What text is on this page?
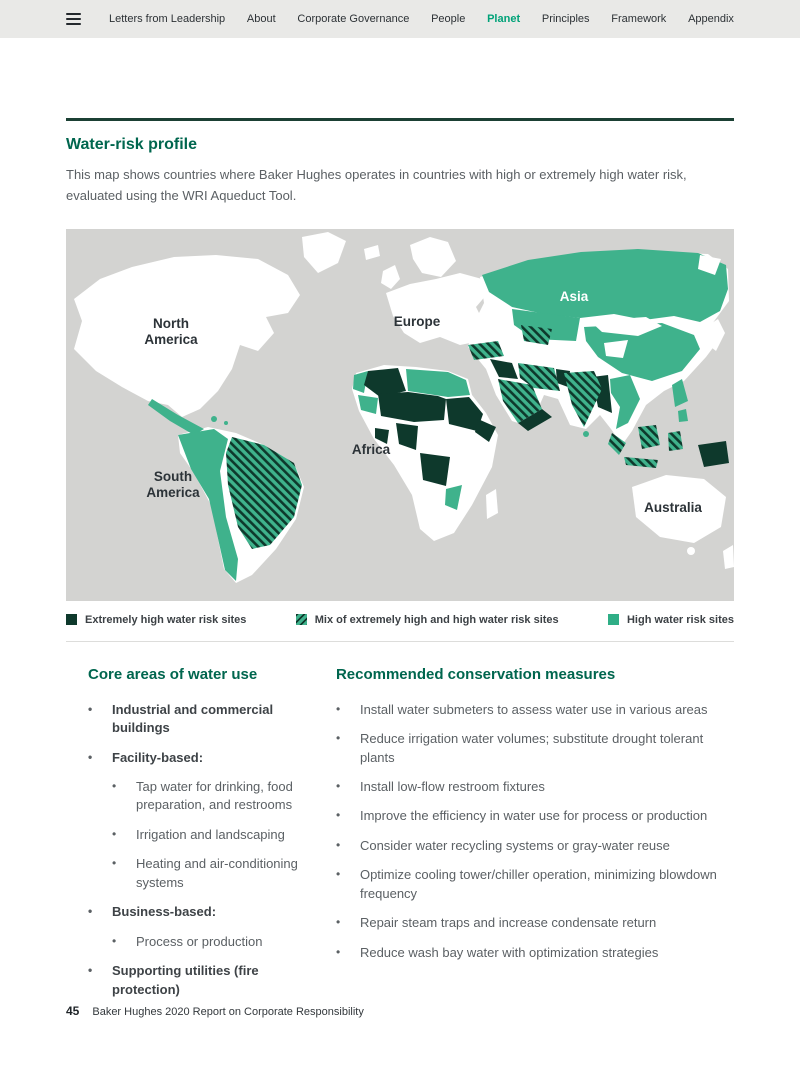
Letters from Leadership About Corporate Governance People Planet Principles Framework Appendix
Water-risk profile

This map shows countries where Baker Hughes operates in countries with high or extremely high water risk, evaluated using the WRI Aqueduct Tool.

North America
Europe
Asia
Africa
South America
Australia
Extremely high water risk sites	Mix of extremely high and high water risk sites	High water risk sites
Core areas of water use
•	Industrial and commercial buildings
•	Facility-based:
•	Tap water for drinking, food preparation, and restrooms
•	Irrigation and landscaping
•	Heating and air-conditioning systems
•	Business-based:
•	Process or production
•	Supporting utilities (fire protection)
Recommended conservation measures
•	Install water submeters to assess water use in various areas
•	Reduce irrigation water volumes; substitute drought tolerant plants
•	Install low-flow restroom fixtures
•	Improve the efficiency in water use for process or production
•	Consider water recycling systems or gray-water reuse
•	Optimize cooling tower/chiller operation, minimizing blowdown frequency
•	Repair steam traps and increase condensate return
•	Reduce wash bay water with optimization strategies
45 Baker Hughes 2020 Report on Corporate Responsibility
